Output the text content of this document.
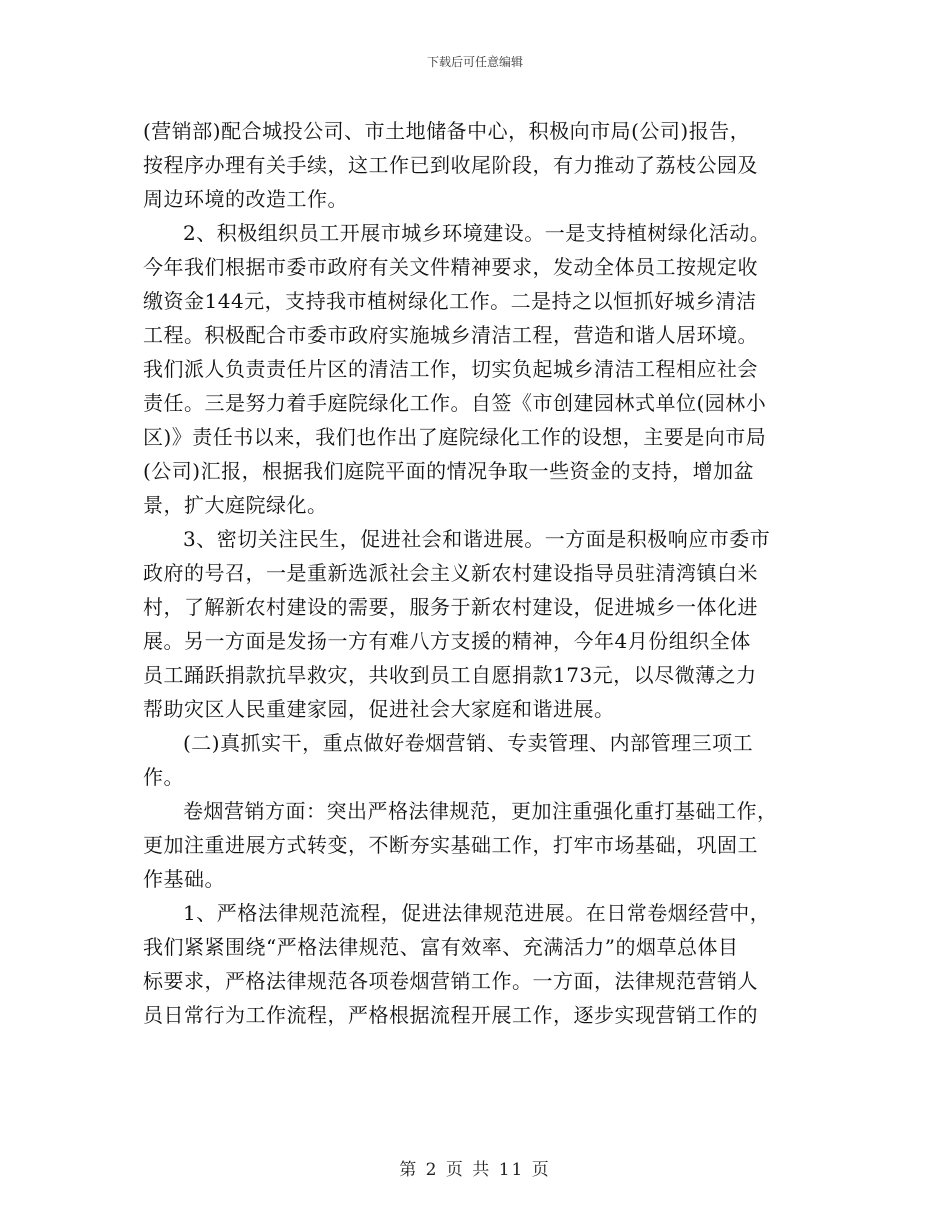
下载后可任意编辑
(营销部)配合城投公司、市土地储备中心，积极向市局(公司)报告，
按程序办理有关手续，这工作已到收尾阶段，有力推动了荔枝公园及
周边环境的改造工作。
2、积极组织员工开展市城乡环境建设。一是支持植树绿化活动。
今年我们根据市委市政府有关文件精神要求，发动全体员工按规定收
缴资金144元，支持我市植树绿化工作。二是持之以恒抓好城乡清洁
工程。积极配合市委市政府实施城乡清洁工程，营造和谐人居环境。
我们派人负责责任片区的清洁工作，切实负起城乡清洁工程相应社会
责任。三是努力着手庭院绿化工作。自签《市创建园林式单位(园林小
区)》责任书以来，我们也作出了庭院绿化工作的设想，主要是向市局
(公司)汇报，根据我们庭院平面的情况争取一些资金的支持，增加盆
景，扩大庭院绿化。
3、密切关注民生，促进社会和谐进展。一方面是积极响应市委市
政府的号召，一是重新选派社会主义新农村建设指导员驻清湾镇白米
村，了解新农村建设的需要，服务于新农村建设，促进城乡一体化进
展。另一方面是发扬一方有难八方支援的精神，今年4月份组织全体
员工踊跃捐款抗旱救灾，共收到员工自愿捐款173元，以尽微薄之力
帮助灾区人民重建家园，促进社会大家庭和谐进展。
(二)真抓实干，重点做好卷烟营销、专卖管理、内部管理三项工
作。
卷烟营销方面：突出严格法律规范，更加注重强化重打基础工作，
更加注重进展方式转变，不断夯实基础工作，打牢市场基础，巩固工
作基础。
1、严格法律规范流程，促进法律规范进展。在日常卷烟经营中，
我们紧紧围绕“严格法律规范、富有效率、充满活力”的烟草总体目
标要求，严格法律规范各项卷烟营销工作。一方面，法律规范营销人
员日常行为工作流程，严格根据流程开展工作，逐步实现营销工作的
第 2 页 共 11 页
